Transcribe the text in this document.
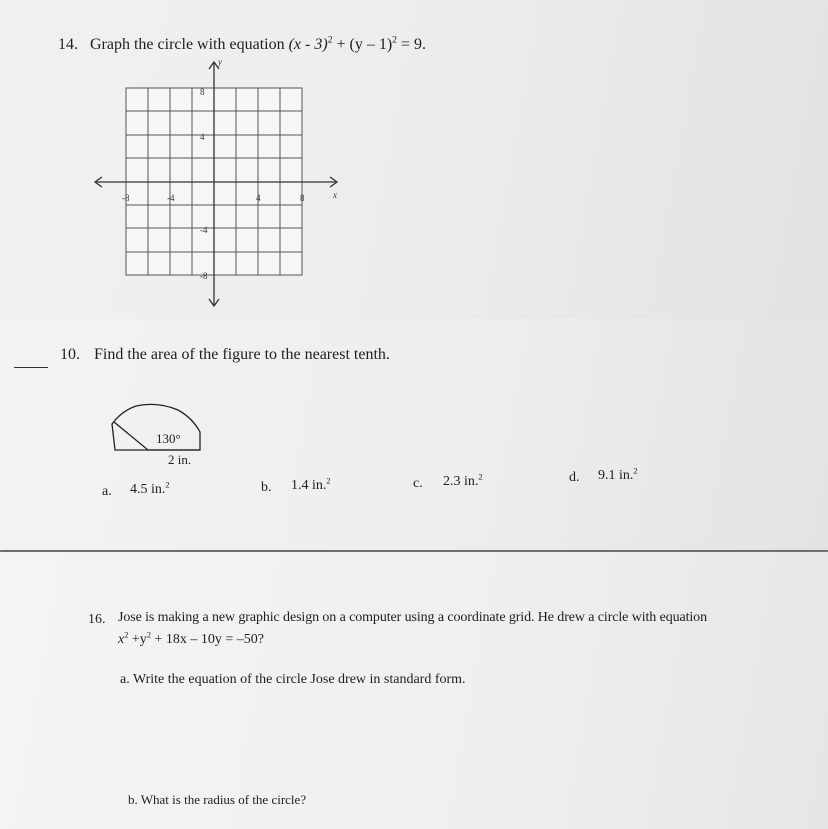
14. Graph the circle with equation (x - 3)$^2$ + (y – 1)$^2$ = 9.
y
x
-8	-4	4	8
8
4
-4
-8
10. Find the area of the figure to the nearest tenth.
130°
2 in.
a. 4.5 in.$^2$	b. 1.4 in.$^2$	c. 2.3 in.$^2$	d. 9.1 in.$^2$
16. Jose is making a new graphic design on a computer using a coordinate grid. He drew a circle with equation
$x^2 +y^2 + 18x - 10y = -50$?
a. Write the equation of the circle Jose drew in standard form.
b. What is the radius of the circle?
